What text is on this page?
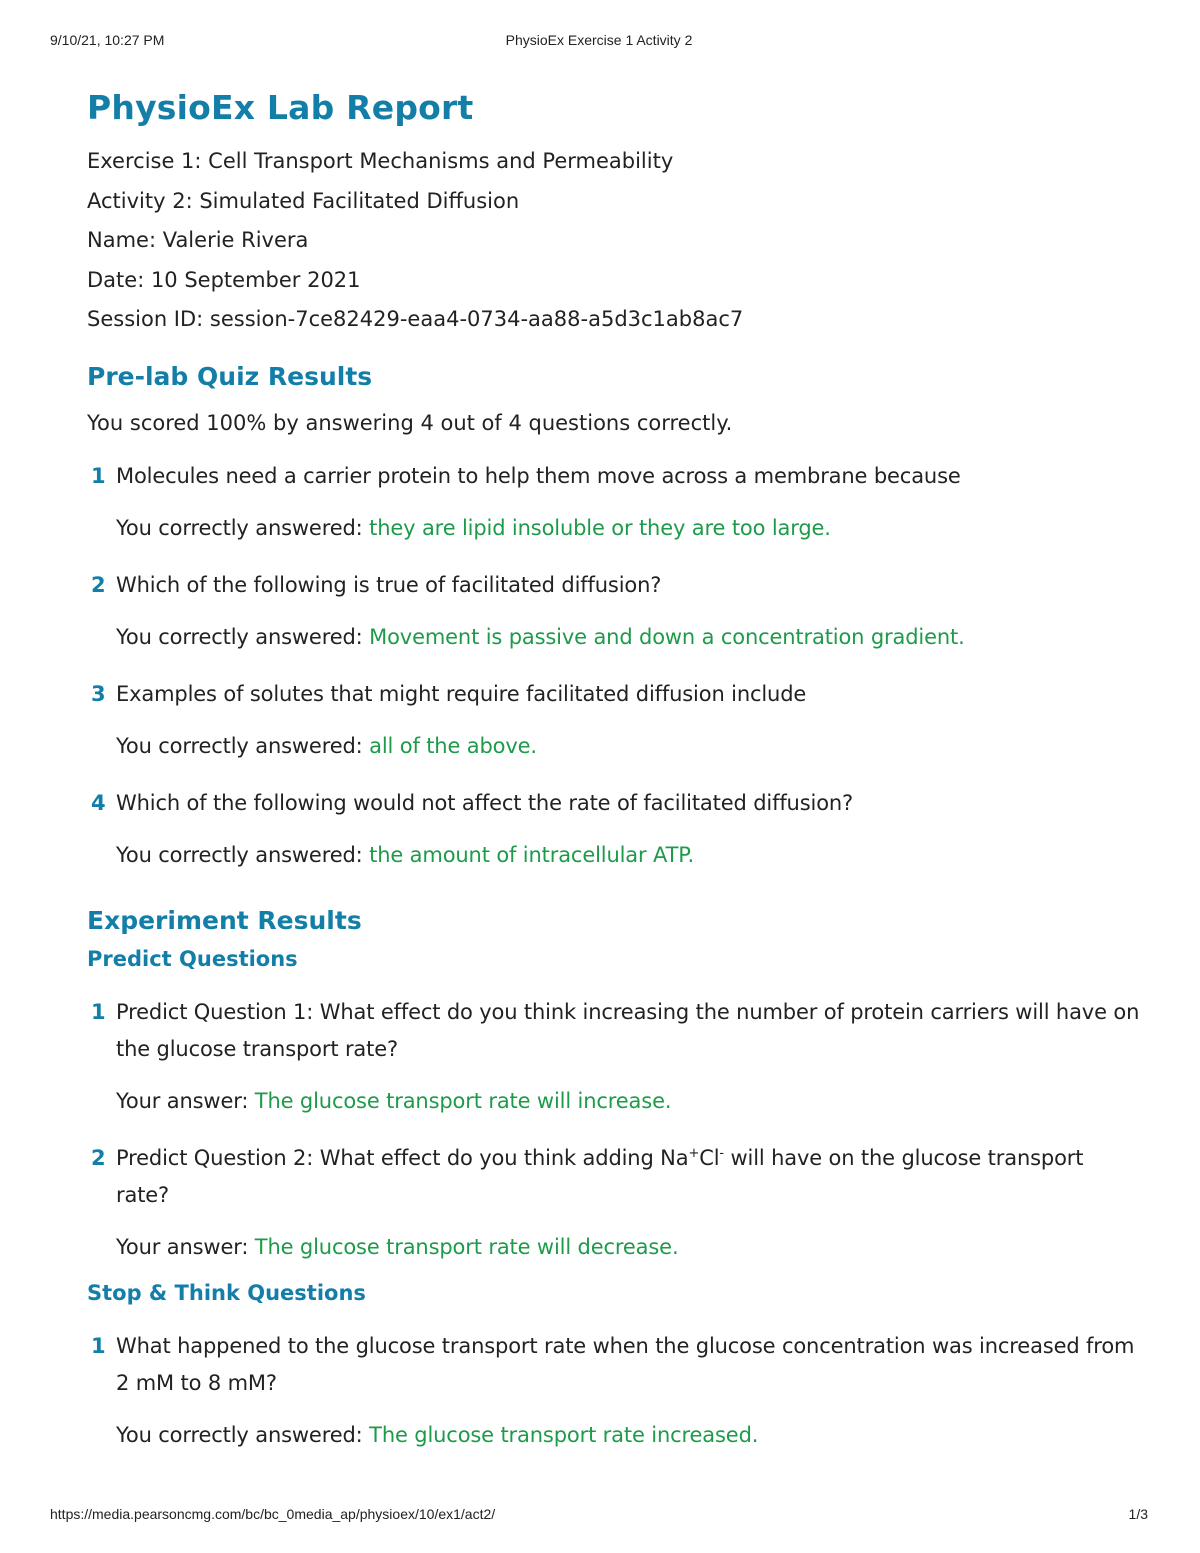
9/10/21, 10:27 PM	PhysioEx Exercise 1 Activity 2
PhysioEx Lab Report
Exercise 1: Cell Transport Mechanisms and Permeability
Activity 2: Simulated Facilitated Diffusion
Name: Valerie Rivera
Date: 10 September 2021
Session ID: session-7ce82429-eaa4-0734-aa88-a5d3c1ab8ac7
Pre-lab Quiz Results
You scored 100% by answering 4 out of 4 questions correctly.
1 Molecules need a carrier protein to help them move across a membrane because
You correctly answered: they are lipid insoluble or they are too large.
2 Which of the following is true of facilitated diffusion?
You correctly answered: Movement is passive and down a concentration gradient.
3 Examples of solutes that might require facilitated diffusion include
You correctly answered: all of the above.
4 Which of the following would not affect the rate of facilitated diffusion?
You correctly answered: the amount of intracellular ATP.
Experiment Results
Predict Questions
1 Predict Question 1: What effect do you think increasing the number of protein carriers will have on the glucose transport rate?
Your answer: The glucose transport rate will increase.
2 Predict Question 2: What effect do you think adding Na+Cl- will have on the glucose transport rate?
Your answer: The glucose transport rate will decrease.
Stop & Think Questions
1 What happened to the glucose transport rate when the glucose concentration was increased from 2 mM to 8 mM?
You correctly answered: The glucose transport rate increased.
https://media.pearsoncmg.com/bc/bc_0media_ap/physioex/10/ex1/act2/	1/3
